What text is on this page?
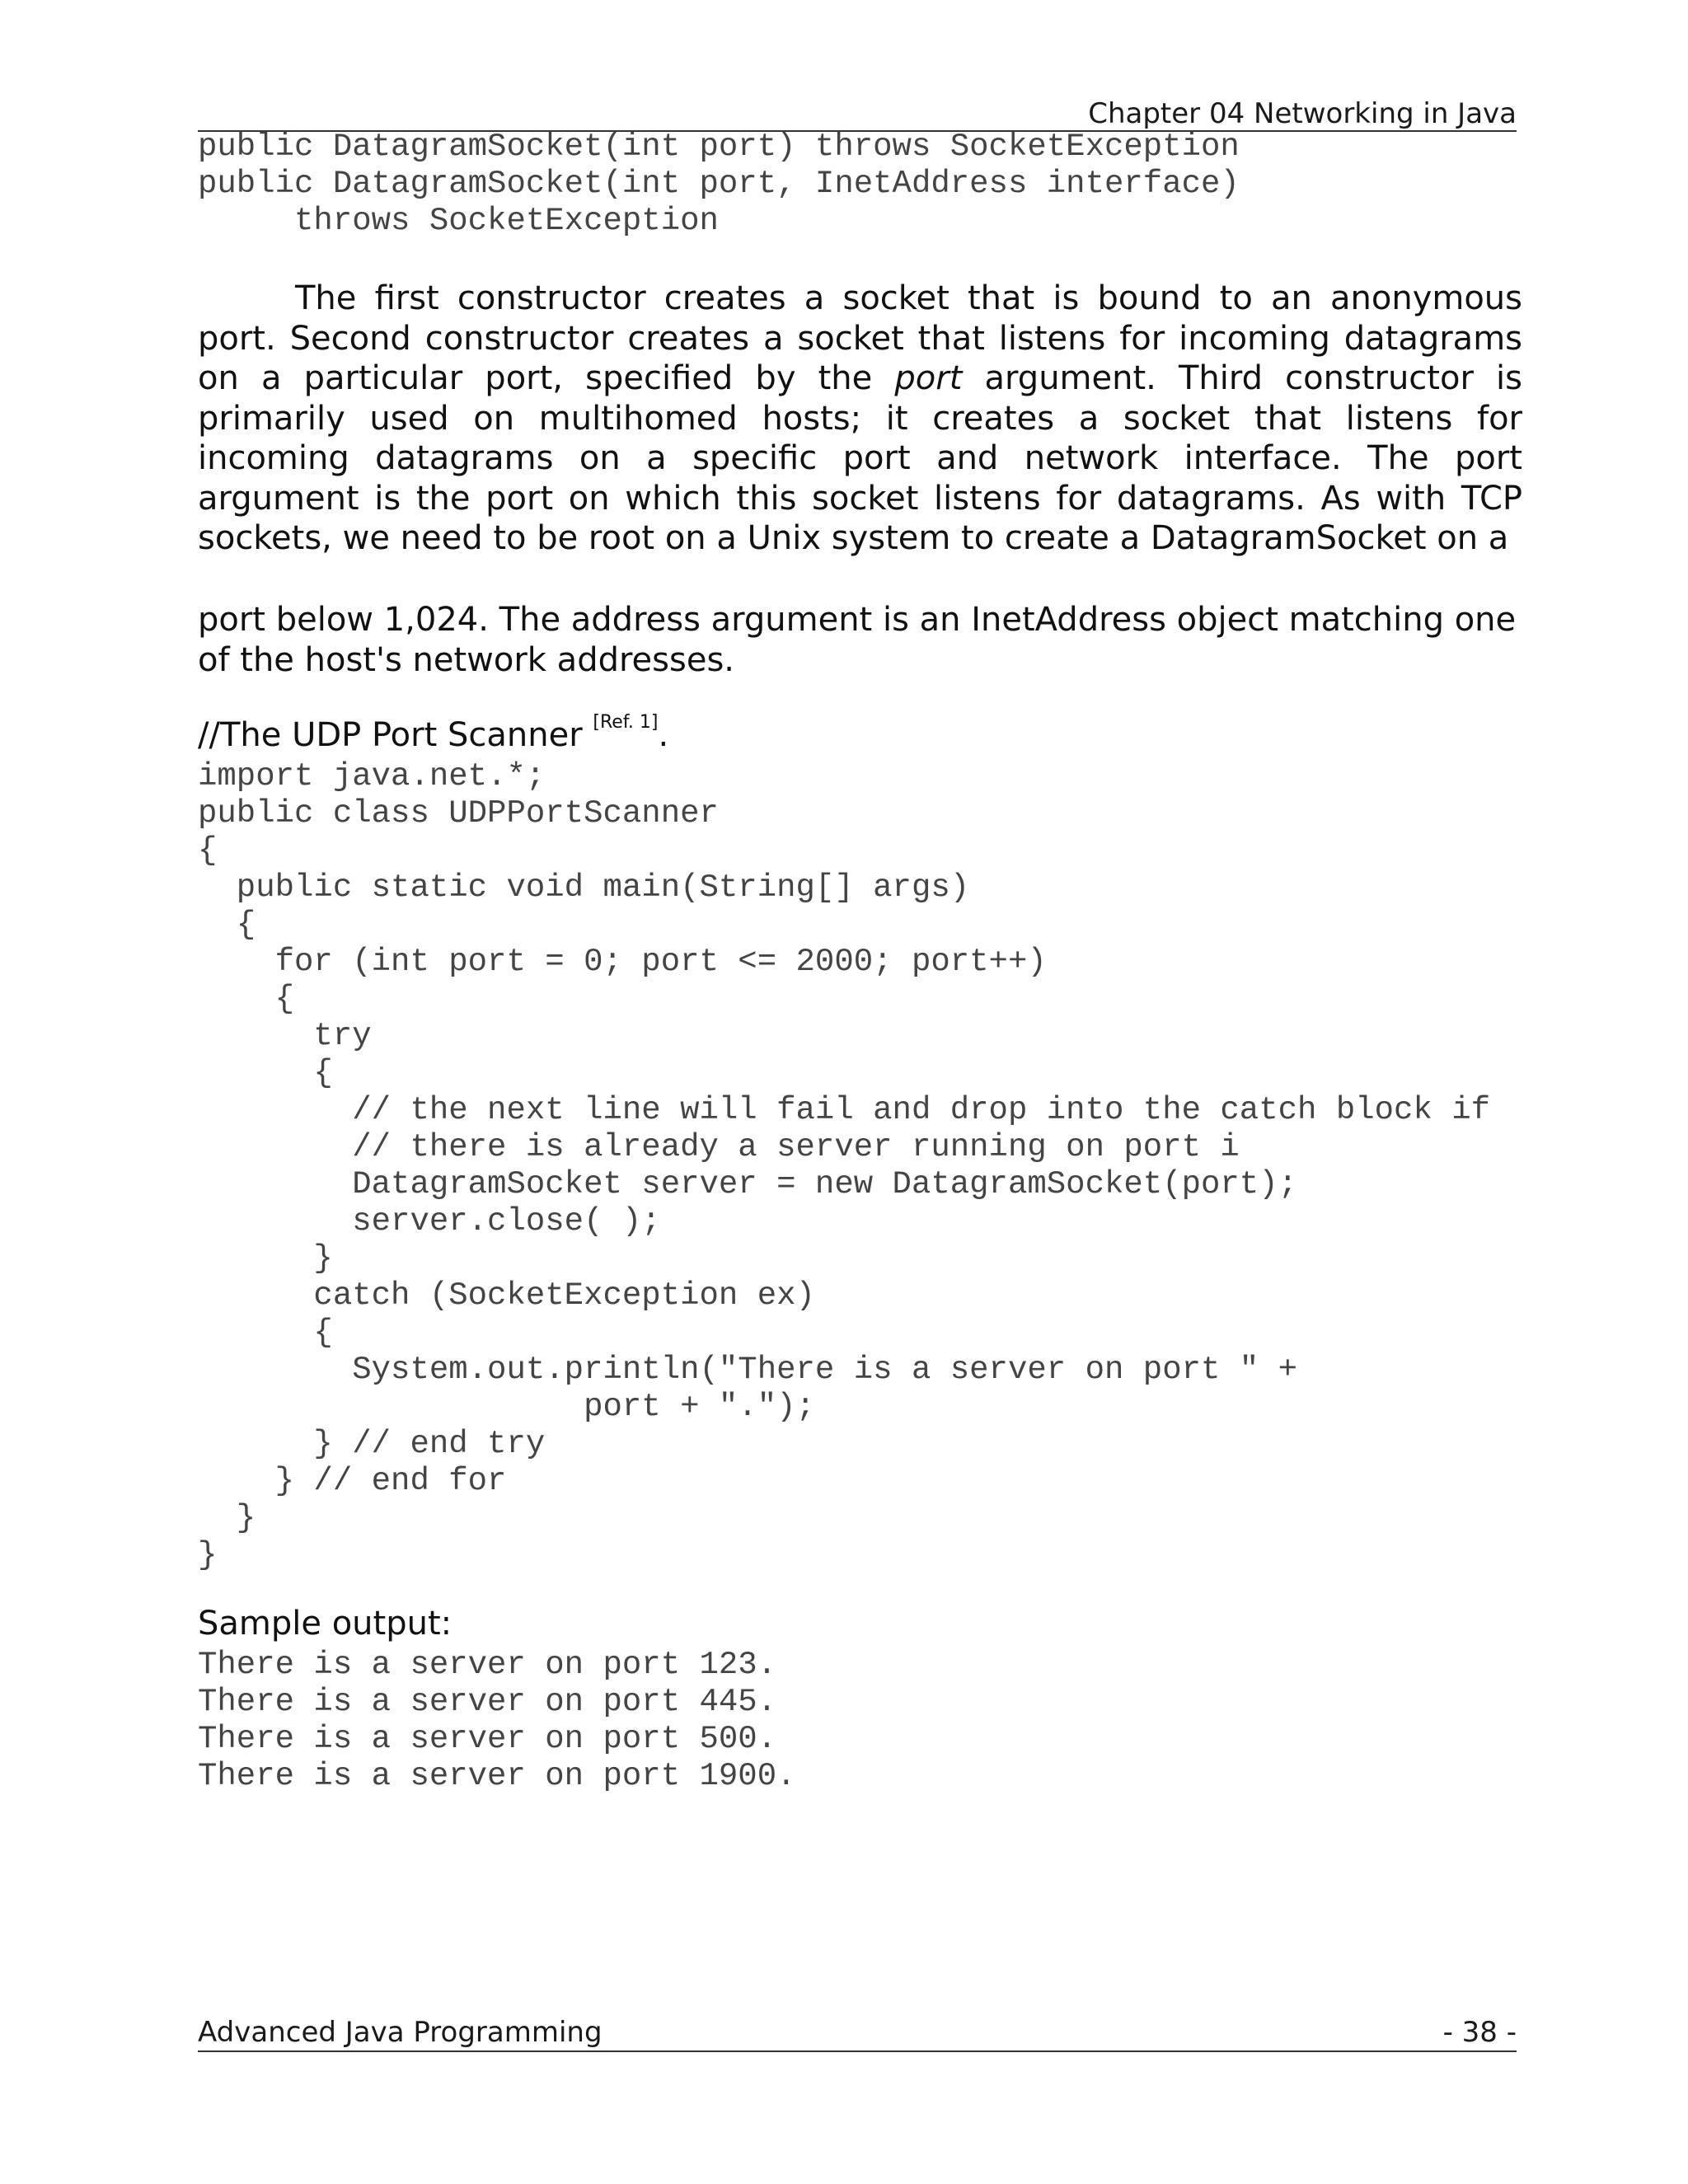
Chapter 04 Networking in Java
public DatagramSocket(int port) throws SocketException
public DatagramSocket(int port, InetAddress interface)
throws SocketException
The first constructor creates a socket that is bound to an anonymous port. Second constructor creates a socket that listens for incoming datagrams on a particular port, specified by the port argument. Third constructor is primarily used on multihomed hosts; it creates a socket that listens for incoming datagrams on a specific port and network interface. The port argument is the port on which this socket listens for datagrams. As with TCP sockets, we need to be root on a Unix system to create a DatagramSocket on a
port below 1,024. The address argument is an InetAddress object matching one
of the host's network addresses.
//The UDP Port Scanner [Ref. 1].
import java.net.*;
public class UDPPortScanner
{
public static void main(String[] args)
{
for (int port = 0; port <= 2000; port++)
{
try
{
// the next line will fail and drop into the catch block if
// there is already a server running on port i
DatagramSocket server = new DatagramSocket(port);
server.close( );
}
catch (SocketException ex)
{
System.out.println("There is a server on port " +
port + ".");
} // end try
} // end for
}
}
Sample output:
There is a server on port 123.
There is a server on port 445.
There is a server on port 500.
There is a server on port 1900.
Advanced Java Programming	- 38 -
